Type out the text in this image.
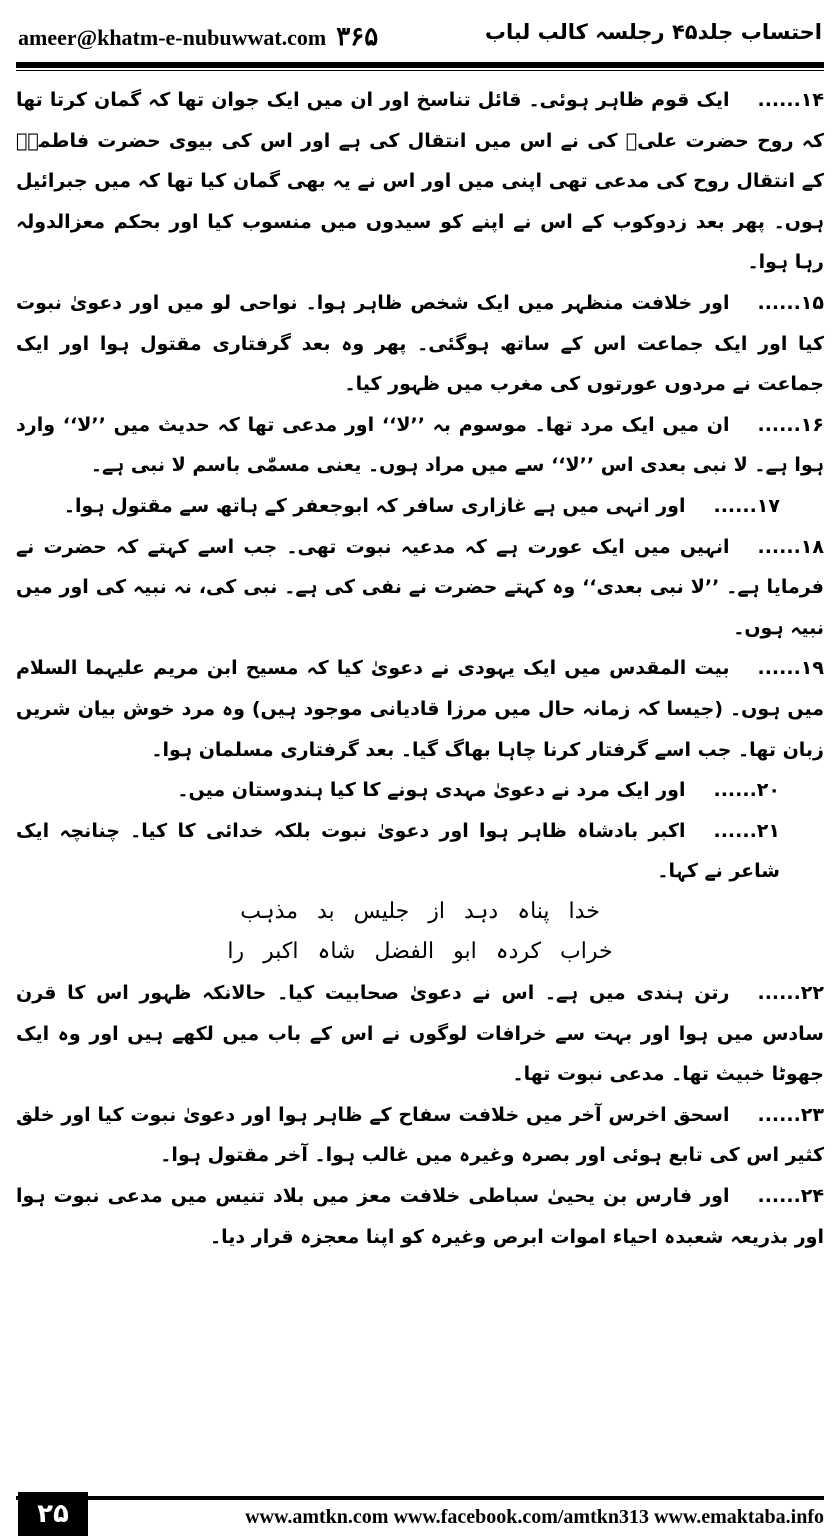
ameer@khatm-e-nubuwwat.com ۳۶۵	احتساب جلد۴۵ رجلسہ کالب لباب

۱۴......ایک قوم ظاہر ہوئی۔ قائل تناسخ اور ان میں ایک جوان تھا کہ گمان کرتا تھا کہ روح حضرت علیؓ کی نے اس میں انتقال کی ہے اور اس کی بیوی حضرت فاطمہؓ کے انتقال روح کی مدعی تھی اپنی میں اور اس نے یہ بھی گمان کیا تھا کہ میں جبرائیل ہوں۔ پھر بعد زدوکوب کے اس نے اپنے کو سیدوں میں منسوب کیا اور بحکم معزالدولہ رہا ہوا۔

۱۵......اور خلافت منظہر میں ایک شخص ظاہر ہوا۔ نواحی لو میں اور دعویٰ نبوت کیا اور ایک جماعت اس کے ساتھ ہوگئی۔ پھر وہ بعد گرفتاری مقتول ہوا اور ایک جماعت نے مردوں عورتوں کی مغرب میں ظہور کیا۔

۱۶......ان میں ایک مرد تھا۔ موسوم بہ ’’لا‘‘ اور مدعی تھا کہ حدیث میں ’’لا‘‘ وارد ہوا ہے۔ لا نبی بعدی اس ’’لا‘‘ سے میں مراد ہوں۔ یعنی مسمّٰی باسم لا نبی ہے۔

۱۷......اور انہی میں ہے غازاری سافر کہ ابوجعفر کے ہاتھ سے مقتول ہوا۔

۱۸......انہیں میں ایک عورت ہے کہ مدعیہ نبوت تھی۔ جب اسے کہتے کہ حضرت نے فرمایا ہے۔ ’’لا نبی بعدی‘‘ وہ کہتے حضرت نے نفی کی ہے۔ نبی کی، نہ نبیہ کی اور میں نبیہ ہوں۔

۱۹......بیت المقدس میں ایک یہودی نے دعویٰ کیا کہ مسیح ابن مریم علیہما السلام میں ہوں۔ (جیسا کہ زمانہ حال میں مرزا قادیانی موجود ہیں) وہ مرد خوش بیان شریں زبان تھا۔ جب اسے گرفتار کرنا چاہا بھاگ گیا۔ بعد گرفتاری مسلمان ہوا۔

۲۰......اور ایک مرد نے دعویٰ مہدی ہونے کا کیا ہندوستان میں۔

۲۱......اکبر بادشاہ ظاہر ہوا اور دعویٰ نبوت بلکہ خدائی کا کیا۔ چنانچہ ایک شاعر نے کہا۔

خدا پناہ دہد از جلیس بد مذہب

خراب کردہ ابو الفضل شاہ اکبر را

۲۲......رتن ہندی میں ہے۔ اس نے دعویٰ صحابیت کیا۔ حالانکہ ظہور اس کا قرن سادس میں ہوا اور بہت سے خرافات لوگوں نے اس کے باب میں لکھے ہیں اور وہ ایک جھوٹا خبیث تھا۔ مدعی نبوت تھا۔

۲۳......اسحق اخرس آخر میں خلافت سفاح کے ظاہر ہوا اور دعویٰ نبوت کیا اور خلق کثیر اس کی تابع ہوئی اور بصرہ وغیرہ میں غالب ہوا۔ آخر مقتول ہوا۔

۲۴......اور فارس بن یحییٰ سباطی خلافت معز میں بلاد تنیس میں مدعی نبوت ہوا اور بذریعہ شعبدہ احیاء اموات ابرص وغیرہ کو اپنا معجزہ قرار دیا۔

۲۵	www.amtkn.com www.facebook.com/amtkn313 www.emaktaba.info
